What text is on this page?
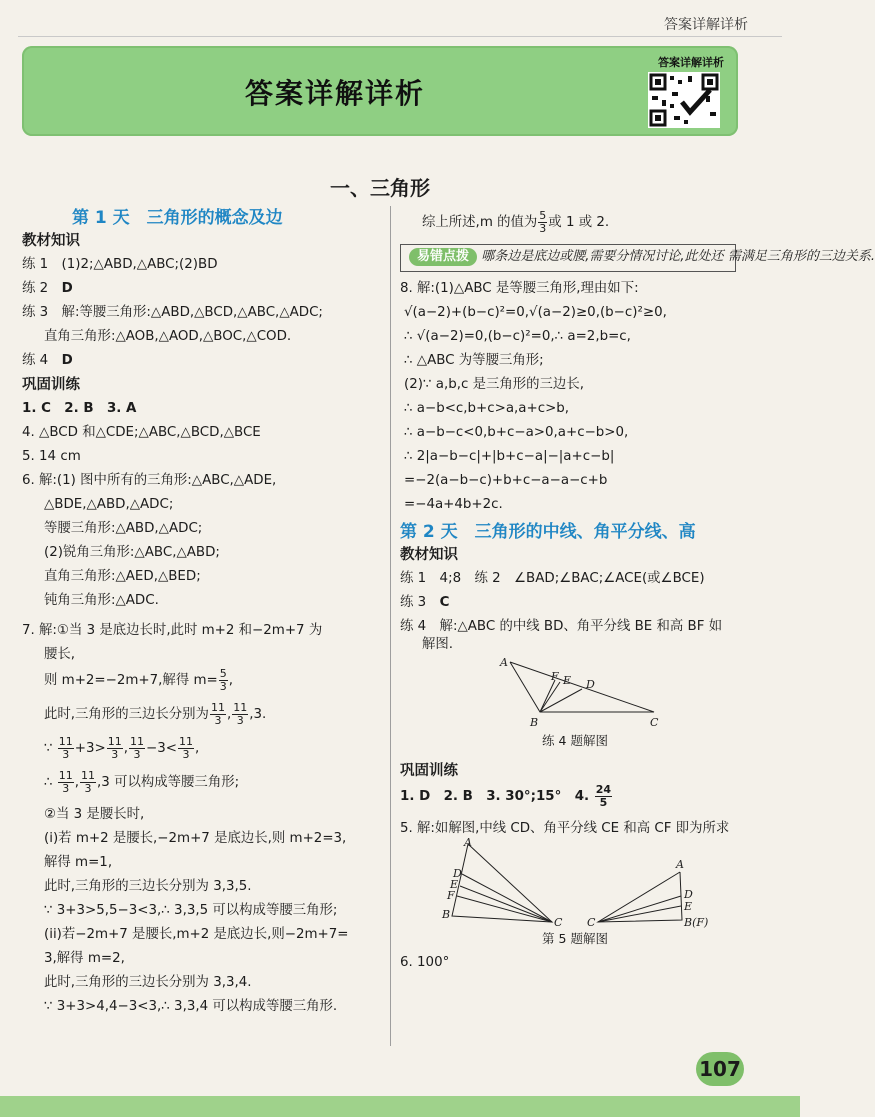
答案详解详析
答案详解详析
答案详解详析
一、三角形
第 1 天　三角形的概念及边
教材知识
练 1　(1)2;△ABD,△ABC;(2)BD
练 2　D
练 3　解:等腰三角形:△ABD,△BCD,△ABC,△ADC;
直角三角形:△AOB,△AOD,△BOC,△COD.
练 4　D
巩固训练
1. C　2. B　3. A
4. △BCD 和△CDE;△ABC,△BCD,△BCE
5. 14 cm
6. 解:(1) 图中所有的三角形:△ABC,△ADE,
△BDE,△ABD,△ADC;
等腰三角形:△ABD,△ADC;
(2)锐角三角形:△ABC,△ABD;
直角三角形:△AED,△BED;
钝角三角形:△ADC.
7. 解:①当 3 是底边长时,此时 m+2 和−2m+7 为
腰长,
则 m+2=−2m+7,解得 $m= \frac{5}{3}$ ,
此时,三角形的三边长分别为 $\frac{11}{3}$ , $\frac{11}{3} ,3$.
∵ $\frac{11}{3} +3> \frac{11}{3}$ , $\frac{11}{3} -3< \frac{11}{3}$ ,
∴ $\frac{11}{3}$ , $\frac{11}{3} ,3$ 可以构成等腰三角形;
②当 3 是腰长时,
(i)若 m+2 是腰长,−2m+7 是底边长,则 m+2=3,
解得 m=1,
此时,三角形的三边长分别为 3,3,5.
∵ 3+3>5,5−3<3,∴ 3,3,5 可以构成等腰三角形;
(ii)若−2m+7 是腰长,m+2 是底边长,则−2m+7=
3,解得 m=2,
此时,三角形的三边长分别为 3,3,4.
∵ 3+3>4,4−3<3,∴ 3,3,4 可以构成等腰三角形.
综上所述,m 的值为 $\frac{5}{3}$ 或 1 或 2.
易错点拨 哪条边是底边或腰,需要分情况讨论,此处还 需满足三角形的三边关系.
8. 解:(1)△ABC 是等腰三角形,理由如下:
√(a−2)+(b−c)²=0,√(a−2)≥0,(b−c)²≥0,
∴ √(a−2)=0,(b−c)²=0,∴ a=2,b=c,
∴ △ABC 为等腰三角形;
(2)∵ a,b,c 是三角形的三边长,
∴ a−b<c,b+c>a,a+c>b,
∴ a−b−c<0,b+c−a>0,a+c−b>0,
∴ 2|a−b−c|+|b+c−a|−|a+c−b|
=−2(a−b−c)+b+c−a−a−c+b
=−4a+4b+2c.
第 2 天　三角形的中线、角平分线、高
教材知识
练 1　4;8　练 2　∠BAD;∠BAC;∠ACE(或∠BCE)
练 3　C
练 4　解:△ABC 的中线 BD、角平分线 BE 和高 BF 如
解图.
A
B	C
D
E
F
练 4 题解图
巩固训练
1. D　2. B　3. 30°;15°　4. $\frac{24}{5}$
5. 解:如解图,中线 CD、角平分线 CE 和高 CF 即为所求
A
D
E
F
B
C
A
D
E
B(F)
C
第 5 题解图
6. 100°
107
